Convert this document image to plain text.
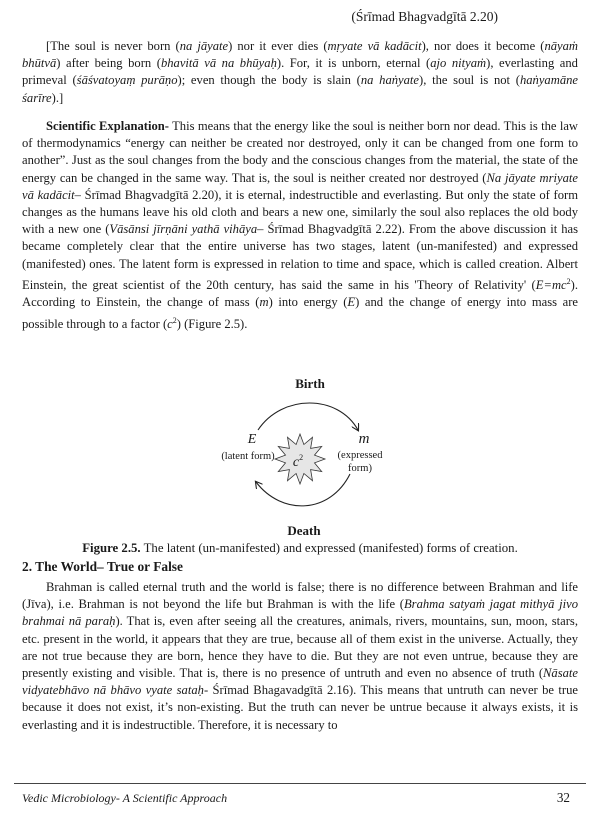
(Śrīmad Bhagvadgītā 2.20)

[The soul is never born (na jāyate) nor it ever dies (mṛyate vā kadācit), nor does it become (nāyaṁ bhūtvā) after being born (bhavitā vā na bhūyaḥ). For, it is unborn, eternal (ajo nityaṁ), everlasting and primeval (śāśvatoyaṃ purāṇo); even though the body is slain (na haṅyate), the soul is not (haṅyamāne śarīre).]

Scientific Explanation- This means that the energy like the soul is neither born nor dead. This is the law of thermodynamics “energy can neither be created nor destroyed, only it can be changed from one form to another”. Just as the soul changes from the body and the conscious changes from the material, the state of the energy can be changed in the same way. That is, the soul is neither created nor destroyed (Na jāyate mriyate vā kadācit– Śrīmad Bhagvadgītā 2.20), it is eternal, indestructible and everlasting. But only the state of form changes as the humans leave his old cloth and bears a new one, similarly the soul also replaces the old body with a new one (Vāsānsi jīrṇāni yathā vihāya– Śrīmad Bhagvadgītā 2.22). From the above discussion it has became completely clear that the entire universe has two stages, latent (un-manifested) and expressed (manifested) ones. The latent form is expressed in relation to time and space, which is called creation. Albert Einstein, the great scientist of the 20th century, has said the same in his 'Theory of Relativity' $(E=mc^2)$. According to Einstein, the change of mass (m) into energy (E) and the change of energy into mass are possible through to a factor $(c^2)$ (Figure 2.5).

Birth
$c^2$
E
(latent form)
m
(expressed
form)
Death
Figure 2.5. The latent (un-manifested) and expressed (manifested) forms of creation.
2. The World– True or False

Brahman is called eternal truth and the world is false; there is no difference between Brahman and life (Jīva), i.e. Brahman is not beyond the life but Brahman is with the life (Brahma satyaṁ jagat mithyā jivo brahmai nā paraḥ). That is, even after seeing all the creatures, animals, rivers, mountains, sun, moon, stars, etc. present in the world, it appears that they are true, because all of them exist in the universe. Actually, they are not true because they are born, hence they have to die. But they are not even untrue, because they are presently existing and visible. That is, there is no presence of untruth and even no absence of truth (Nāsate vidyatebhāvo nā bhāvo vyate sataḥ- Śrīmad Bhagavadgītā 2.16). This means that untruth can never be true because it does not exist, it’s non-existing. But the truth can never be untrue because it always exists, it is everlasting and it is indestructible. Therefore, it is necessary to

Vedic Microbiology- A Scientific Approach	32
